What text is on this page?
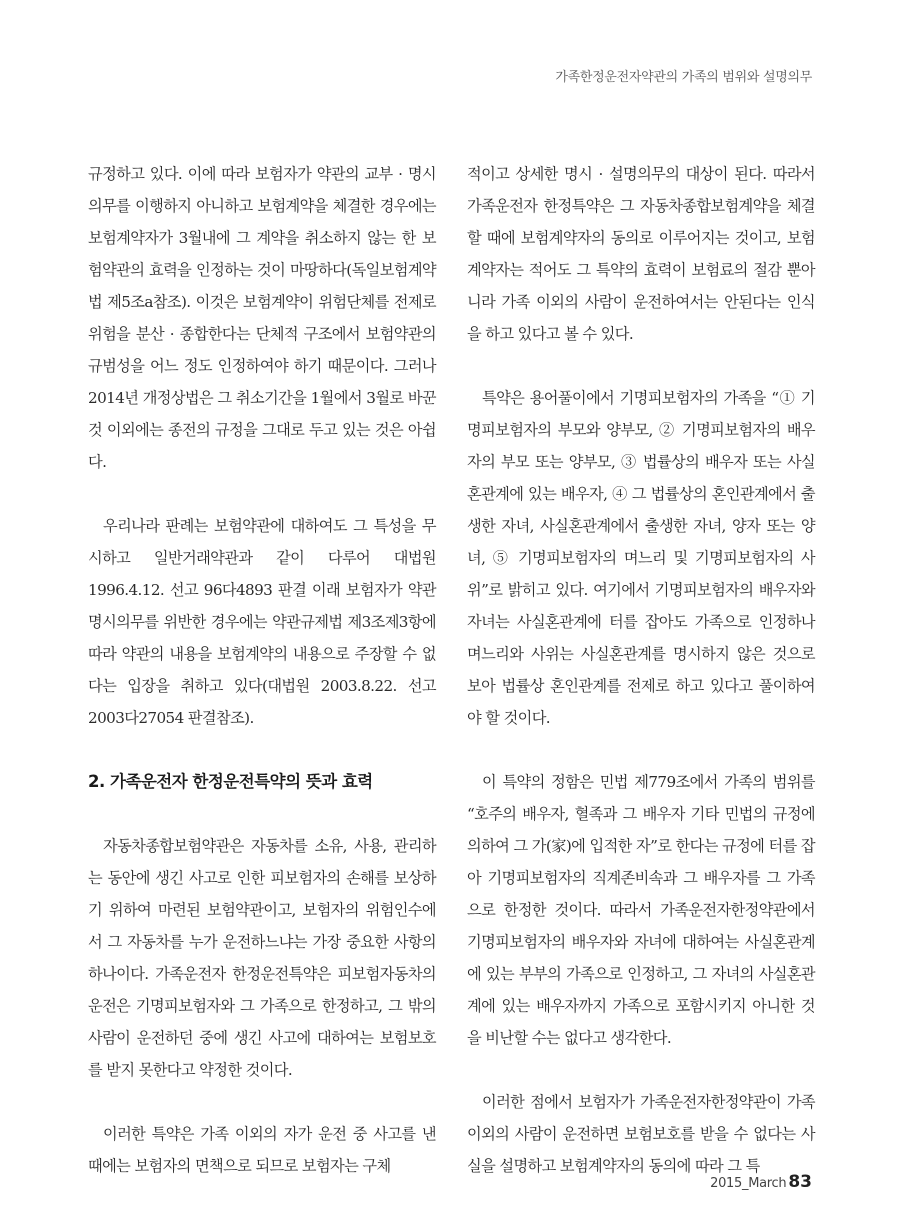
가족한정운전자약관의 가족의 범위와 설명의무

규정하고 있다. 이에 따라 보험자가 약관의 교부 · 명시의무를 이행하지 아니하고 보험계약을 체결한 경우에는 보험계약자가 3월내에 그 계약을 취소하지 않는 한 보험약관의 효력을 인정하는 것이 마땅하다(독일보험계약법 제5조a참조). 이것은 보험계약이 위험단체를 전제로 위험을 분산 · 종합한다는 단체적 구조에서 보험약관의 규범성을 어느 정도 인정하여야 하기 때문이다. 그러나 2014년 개정상법은 그 취소기간을 1월에서 3월로 바꾼 것 이외에는 종전의 규정을 그대로 두고 있는 것은 아쉽다.

우리나라 판례는 보험약관에 대하여도 그 특성을 무시하고 일반거래약관과 같이 다루어 대법원 1996.4.12. 선고 96다4893 판결 이래 보험자가 약관명시의무를 위반한 경우에는 약관규제법 제3조제3항에 따라 약관의 내용을 보험계약의 내용으로 주장할 수 없다는 입장을 취하고 있다(대법원 2003.8.22. 선고 2003다27054 판결참조).

2. 가족운전자 한정운전특약의 뜻과 효력

자동차종합보험약관은 자동차를 소유, 사용, 관리하는 동안에 생긴 사고로 인한 피보험자의 손해를 보상하기 위하여 마련된 보험약관이고, 보험자의 위험인수에서 그 자동차를 누가 운전하느냐는 가장 중요한 사항의 하나이다. 가족운전자 한정운전특약은 피보험자동차의 운전은 기명피보험자와 그 가족으로 한정하고, 그 밖의 사람이 운전하던 중에 생긴 사고에 대하여는 보험보호를 받지 못한다고 약정한 것이다.

이러한 특약은 가족 이외의 자가 운전 중 사고를 낸 때에는 보험자의 면책으로 되므로 보험자는 구체

적이고 상세한 명시 · 설명의무의 대상이 된다. 따라서 가족운전자 한정특약은 그 자동차종합보험계약을 체결할 때에 보험계약자의 동의로 이루어지는 것이고, 보험계약자는 적어도 그 특약의 효력이 보험료의 절감 뿐아니라 가족 이외의 사람이 운전하여서는 안된다는 인식을 하고 있다고 볼 수 있다.

특약은 용어풀이에서 기명피보험자의 가족을 “① 기명피보험자의 부모와 양부모, ② 기명피보험자의 배우자의 부모 또는 양부모, ③ 법률상의 배우자 또는 사실혼관계에 있는 배우자, ④ 그 법률상의 혼인관계에서 출생한 자녀, 사실혼관계에서 출생한 자녀, 양자 또는 양녀, ⑤ 기명피보험자의 며느리 및 기명피보험자의 사위”로 밝히고 있다. 여기에서 기명피보험자의 배우자와 자녀는 사실혼관계에 터를 잡아도 가족으로 인정하나 며느리와 사위는 사실혼관계를 명시하지 않은 것으로 보아 법률상 혼인관계를 전제로 하고 있다고 풀이하여야 할 것이다.

이 특약의 정함은 민법 제779조에서 가족의 범위를 “호주의 배우자, 혈족과 그 배우자 기타 민법의 규정에 의하여 그 가(家)에 입적한 자”로 한다는 규정에 터를 잡아 기명피보험자의 직계존비속과 그 배우자를 그 가족으로 한정한 것이다. 따라서 가족운전자한정약관에서 기명피보험자의 배우자와 자녀에 대하여는 사실혼관계에 있는 부부의 가족으로 인정하고, 그 자녀의 사실혼관계에 있는 배우자까지 가족으로 포함시키지 아니한 것을 비난할 수는 없다고 생각한다.

이러한 점에서 보험자가 가족운전자한정약관이 가족 이외의 사람이 운전하면 보험보호를 받을 수 없다는 사실을 설명하고 보험계약자의 동의에 따라 그 특

2015_March 83
